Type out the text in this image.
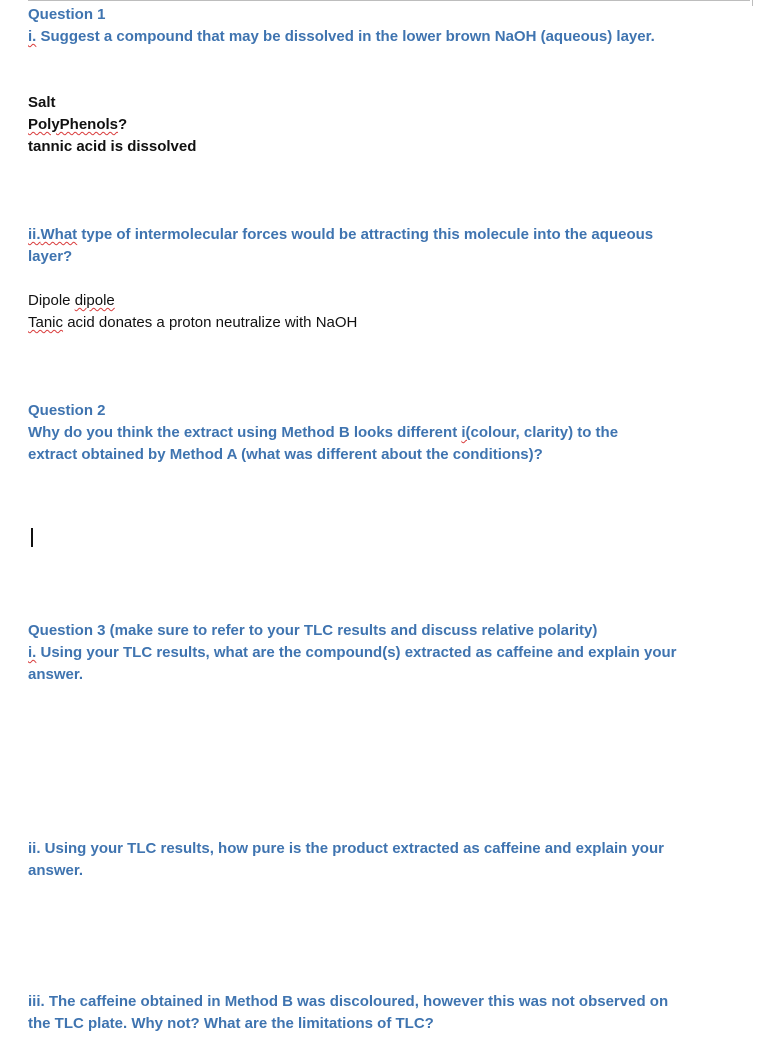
Question 1
i. Suggest a compound that may be dissolved in the lower brown NaOH (aqueous) layer.
Salt
PolyPhenols?
tannic acid is dissolved
ii.What type of intermolecular forces would be attracting this molecule into the aqueous
layer?
Dipole dipole
Tanic acid donates a proton neutralize with NaOH
Question 2
Why do you think the extract using Method B looks different i(colour, clarity) to the
extract obtained by Method A (what was different about the conditions)?
Question 3 (make sure to refer to your TLC results and discuss relative polarity)
i. Using your TLC results, what are the compound(s) extracted as caffeine and explain your
answer.
ii. Using your TLC results, how pure is the product extracted as caffeine and explain your
answer.
iii. The caffeine obtained in Method B was discoloured, however this was not observed on
the TLC plate. Why not? What are the limitations of TLC?
